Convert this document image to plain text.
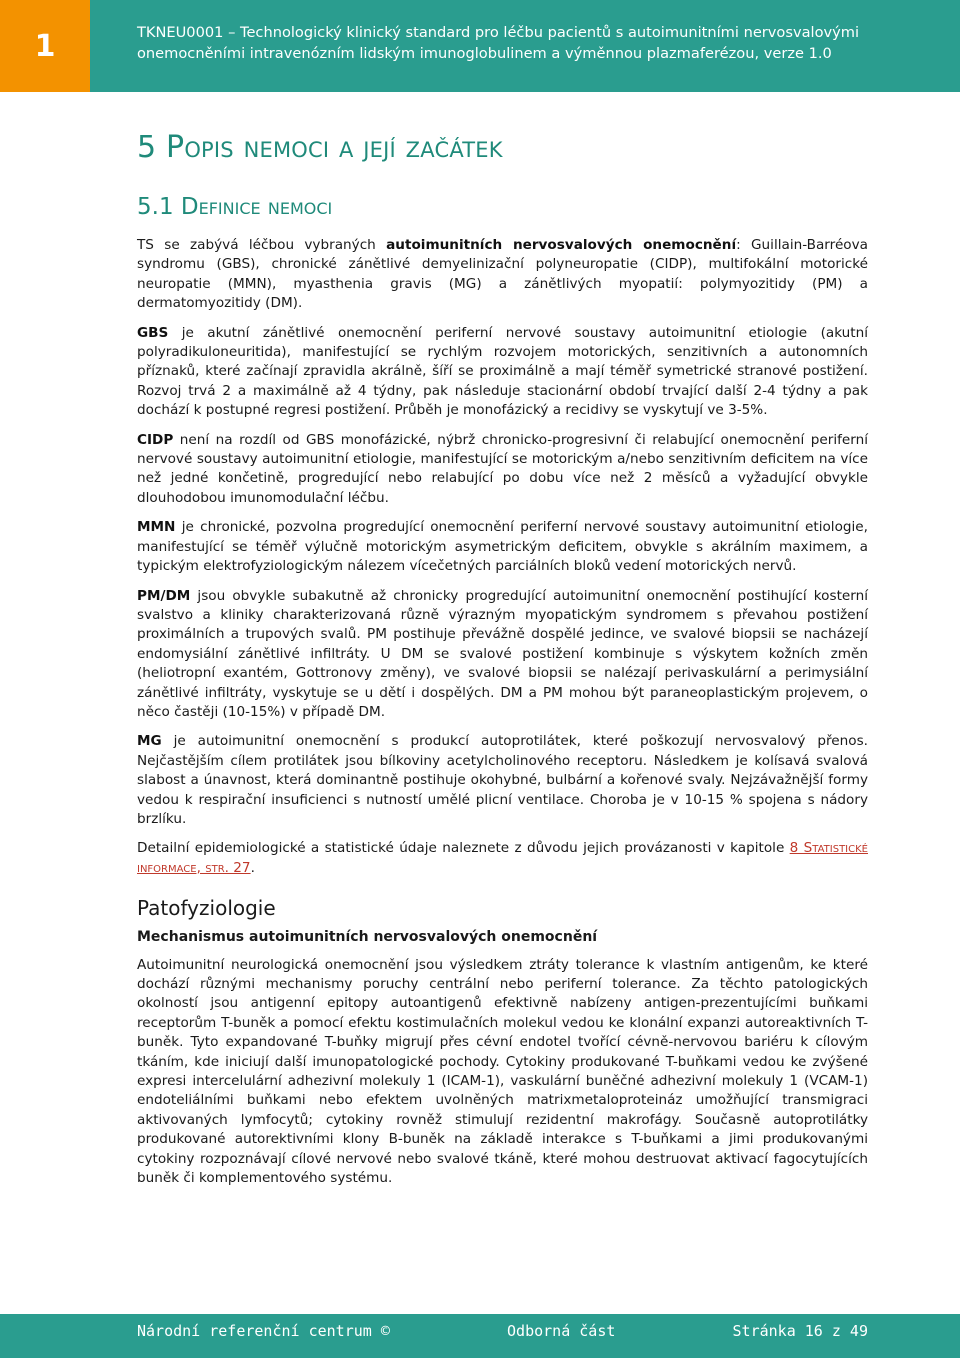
1	TKNEU0001 – Technologický klinický standard pro léčbu pacientů s autoimunitními nervosvalovými
onemocněními intravenózním lidským imunoglobulinem a výměnnou plazmaferézou, verze 1.0
5 Popis nemoci a její začátek
5.1 Definice nemoci

TS se zabývá léčbou vybraných autoimunitních nervosvalových onemocnění: Guillain-Barréova syndromu (GBS), chronické zánětlivé demyelinizační polyneuropatie (CIDP), multifokální motorické neuropatie (MMN), myasthenia gravis (MG) a zánětlivých myopatií: polymyozitidy (PM) a dermatomyozitidy (DM).

GBS je akutní zánětlivé onemocnění periferní nervové soustavy autoimunitní etiologie (akutní polyradikuloneuritida), manifestující se rychlým rozvojem motorických, senzitivních a autonomních příznaků, které začínají zpravidla akrálně, šíří se proximálně a mají téměř symetrické stranové postižení. Rozvoj trvá 2 a maximálně až 4 týdny, pak následuje stacionární období trvající další 2-4 týdny a pak dochází k postupné regresi postižení. Průběh je monofázický a recidivy se vyskytují ve 3-5%.

CIDP není na rozdíl od GBS monofázické, nýbrž chronicko-progresivní či relabující onemocnění periferní nervové soustavy autoimunitní etiologie, manifestující se motorickým a/nebo senzitivním deficitem na více než jedné končetině, progredující nebo relabující po dobu více než 2 měsíců a vyžadující obvykle dlouhodobou imunomodulační léčbu.

MMN je chronické, pozvolna progredující onemocnění periferní nervové soustavy autoimunitní etiologie, manifestující se téměř výlučně motorickým asymetrickým deficitem, obvykle s akrálním maximem, a typickým elektrofyziologickým nálezem vícečetných parciálních bloků vedení motorických nervů.

PM/DM jsou obvykle subakutně až chronicky progredující autoimunitní onemocnění postihující kosterní svalstvo a kliniky charakterizovaná různě výrazným myopatickým syndromem s převahou postižení proximálních a trupových svalů. PM postihuje převážně dospělé jedince, ve svalové biopsii se nacházejí endomysiální zánětlivé infiltráty. U DM se svalové postižení kombinuje s výskytem kožních změn (heliotropní exantém, Gottronovy změny), ve svalové biopsii se nalézají perivaskulární a perimysiální zánětlivé infiltráty, vyskytuje se u dětí i dospělých. DM a PM mohou být paraneoplastickým projevem, o něco častěji (10-15%) v případě DM.

MG je autoimunitní onemocnění s produkcí autoprotilátek, které poškozují nervosvalový přenos. Nejčastějším cílem protilátek jsou bílkoviny acetylcholinového receptoru. Následkem je kolísavá svalová slabost a únavnost, která dominantně postihuje okohybné, bulbární a kořenové svaly. Nejzávažnější formy vedou k respirační insuficienci s nutností umělé plicní ventilace. Choroba je v 10-15 % spojena s nádory brzlíku.

Detailní epidemiologické a statistické údaje naleznete z důvodu jejich provázanosti v kapitole 8 Statistické informace, str. 27.

Patofyziologie
Mechanismus autoimunitních nervosvalových onemocnění

Autoimunitní neurologická onemocnění jsou výsledkem ztráty tolerance k vlastním antigenům, ke které dochází různými mechanismy poruchy centrální nebo periferní tolerance. Za těchto patologických okolností jsou antigenní epitopy autoantigenů efektivně nabízeny antigen-prezentujícími buňkami receptorům T-buněk a pomocí efektu kostimulačních molekul vedou ke klonální expanzi autoreaktivních T-buněk. Tyto expandované T-buňky migrují přes cévní endotel tvořící cévně-nervovou bariéru k cílovým tkáním, kde iniciují další imunopatologické pochody. Cytokiny produkované T-buňkami vedou ke zvýšené expresi intercelulární adhezivní molekuly 1 (ICAM-1), vaskulární buněčné adhezivní molekuly 1 (VCAM-1) endoteliálními buňkami nebo efektem uvolněných matrixmetaloproteináz umožňující transmigraci aktivovaných lymfocytů; cytokiny rovněž stimulují rezidentní makrofágy. Současně autoprotilátky produkované autorektivními klony B-buněk na základě interakce s T-buňkami a jimi produkovanými cytokiny rozpoznávají cílové nervové nebo svalové tkáně, které mohou destruovat aktivací fagocytujících buněk či komplementového systému.

Národní referenční centrum ©	Odborná část	Stránka 16 z 49
